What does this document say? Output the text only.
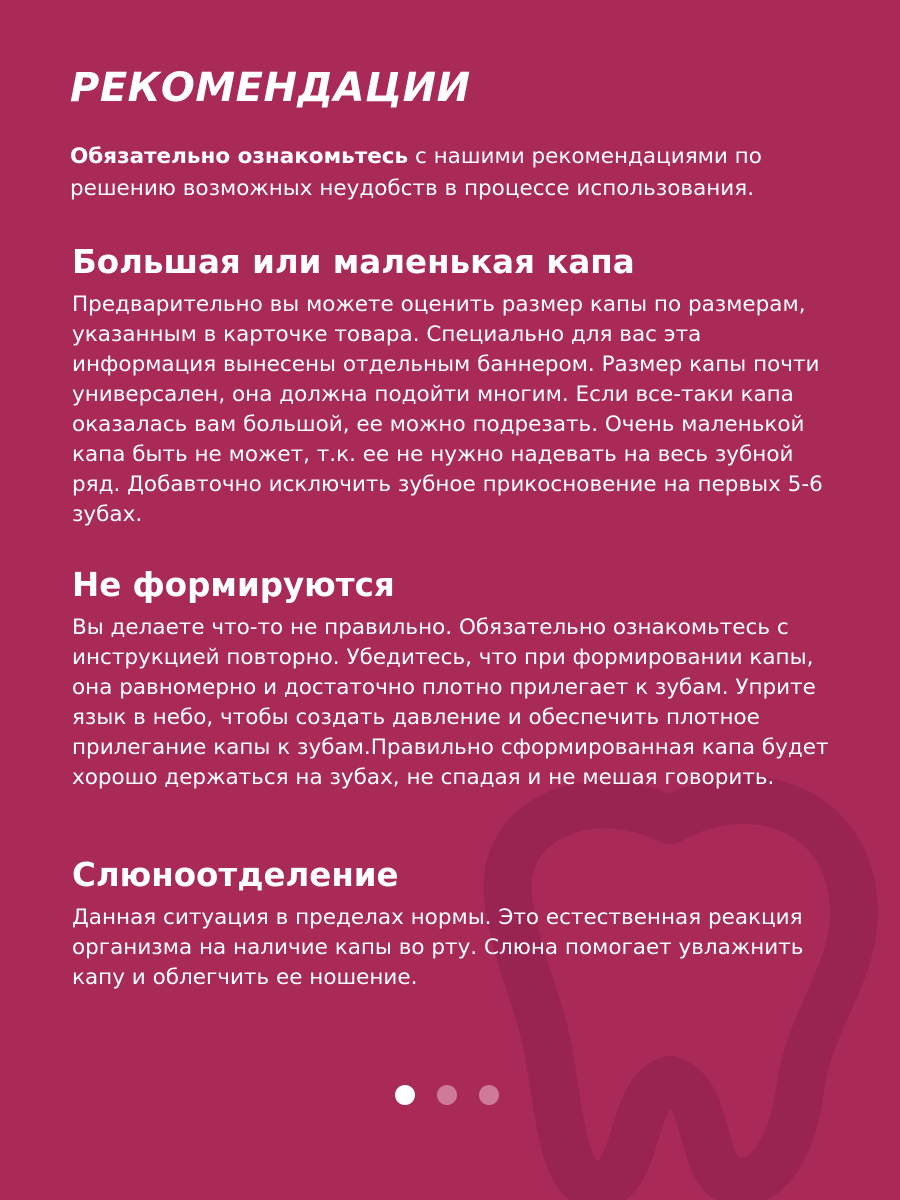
РЕКОМЕНДАЦИИ

Обязательно ознакомьтесь с нашими рекомендациями по решению возможных неудобств в процессе использования.

Большая или маленькая капа

Предварительно вы можете оценить размер капы по размерам, указанным в карточке товара. Специально для вас эта информация вынесены отдельным баннером. Размер капы почти универсален, она должна подойти многим. Если все-таки капа оказалась вам большой, ее можно подрезать. Очень маленькой капа быть не может, т.к. ее не нужно надевать на весь зубной ряд. Добавточно исключить зубное прикосновение на первых 5-6 зубах.

Не формируются

Вы делаете что-то не правильно. Обязательно ознакомьтесь с инструкцией повторно. Убедитесь, что при формировании капы, она равномерно и достаточно плотно прилегает к зубам. Уприте язык в небо, чтобы создать давление и обеспечить плотное прилегание капы к зубам.Правильно сформированная капа будет хорошо держаться на зубах, не спадая и не мешая говорить.

Слюноотделение

Данная ситуация в пределах нормы. Это естественная реакция организма на наличие капы во рту. Слюна помогает увлажнить капу и облегчить ее ношение.
